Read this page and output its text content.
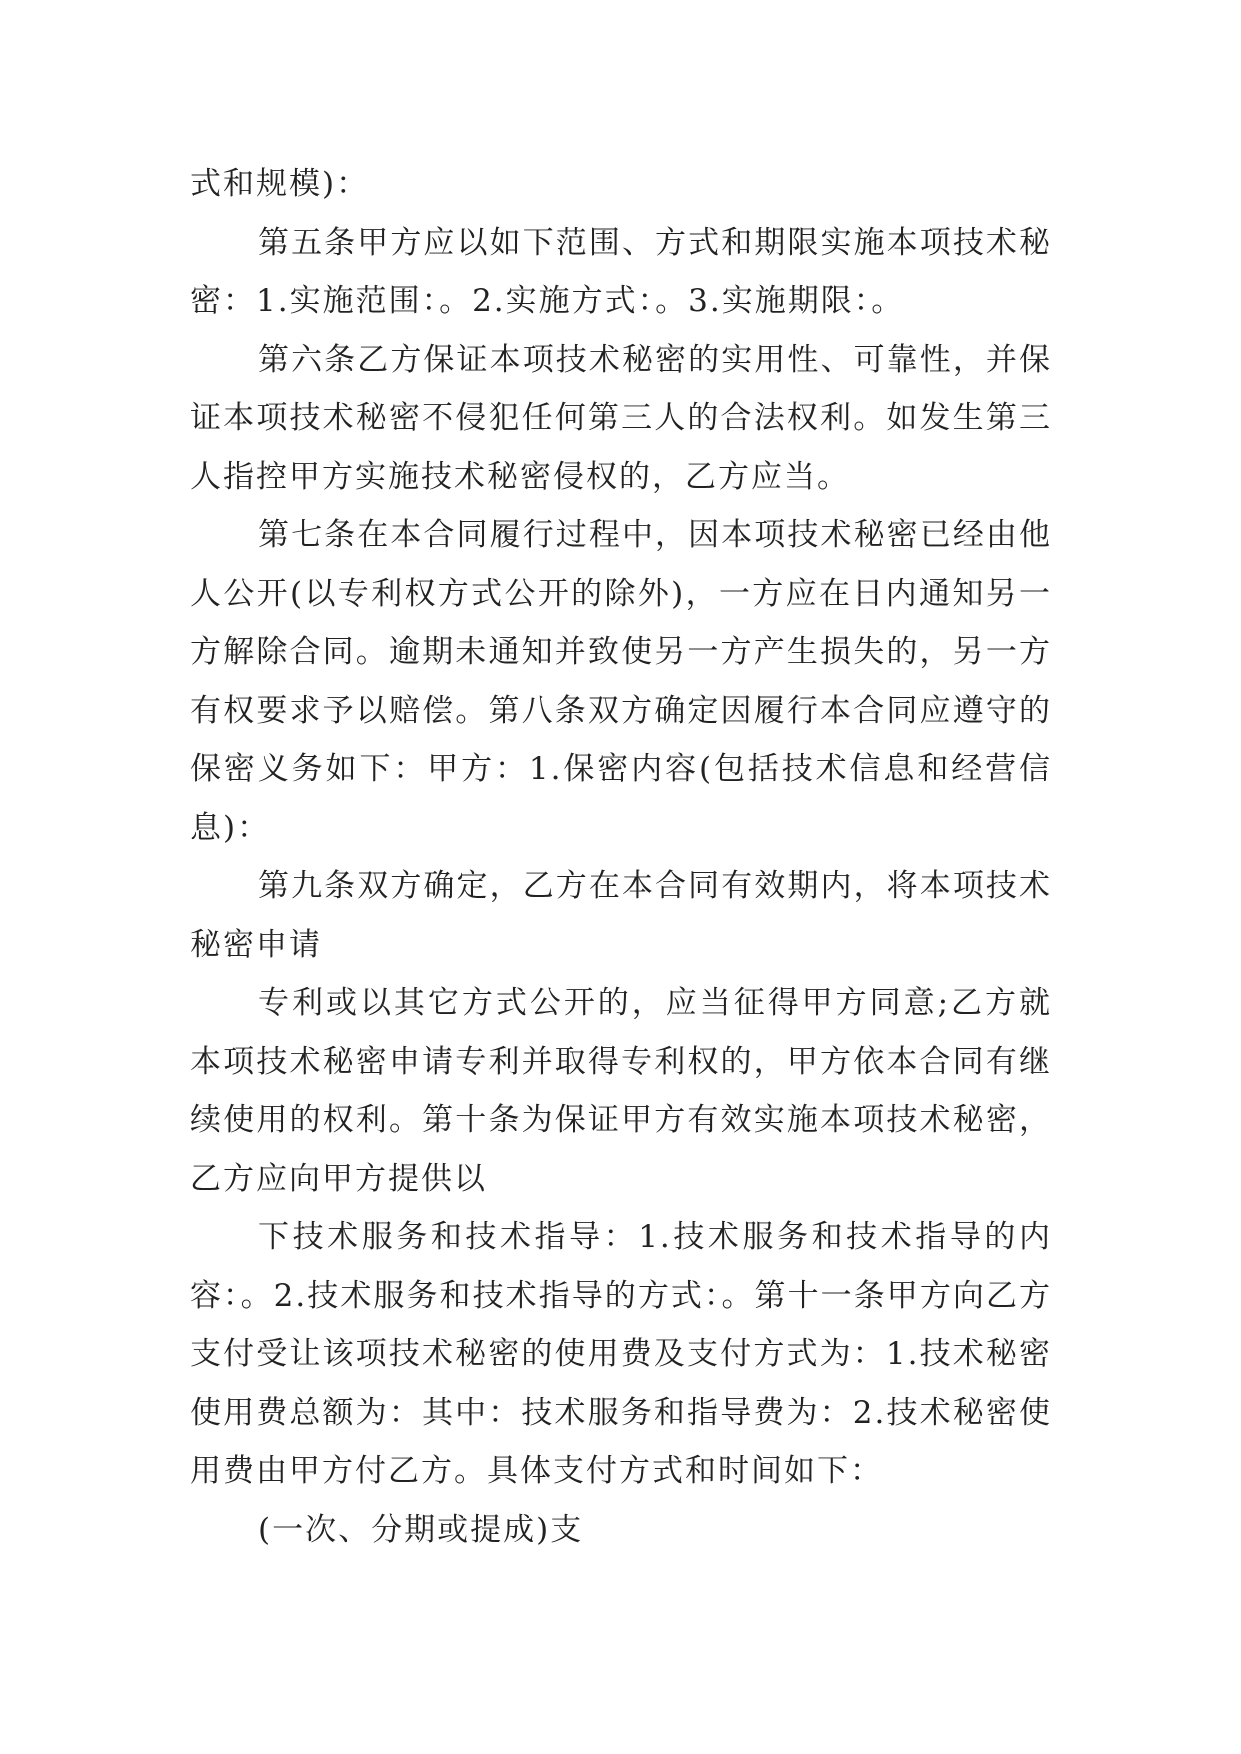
式和规模)：

第五条甲方应以如下范围、方式和期限实施本项技术秘密：1.实施范围：。2.实施方式：。3.实施期限：。

第六条乙方保证本项技术秘密的实用性、可靠性，并保证本项技术秘密不侵犯任何第三人的合法权利。如发生第三人指控甲方实施技术秘密侵权的，乙方应当。

第七条在本合同履行过程中，因本项技术秘密已经由他人公开(以专利权方式公开的除外)，一方应在日内通知另一方解除合同。逾期未通知并致使另一方产生损失的，另一方有权要求予以赔偿。第八条双方确定因履行本合同应遵守的保密义务如下：甲方：1.保密内容(包括技术信息和经营信息)：

第九条双方确定，乙方在本合同有效期内，将本项技术秘密申请

专利或以其它方式公开的，应当征得甲方同意;乙方就本项技术秘密申请专利并取得专利权的，甲方依本合同有继续使用的权利。第十条为保证甲方有效实施本项技术秘密，乙方应向甲方提供以

下技术服务和技术指导：1.技术服务和技术指导的内容：。2.技术服务和技术指导的方式：。第十一条甲方向乙方支付受让该项技术秘密的使用费及支付方式为：1.技术秘密使用费总额为：其中：技术服务和指导费为：2.技术秘密使用费由甲方付乙方。具体支付方式和时间如下：

(一次、分期或提成)支
